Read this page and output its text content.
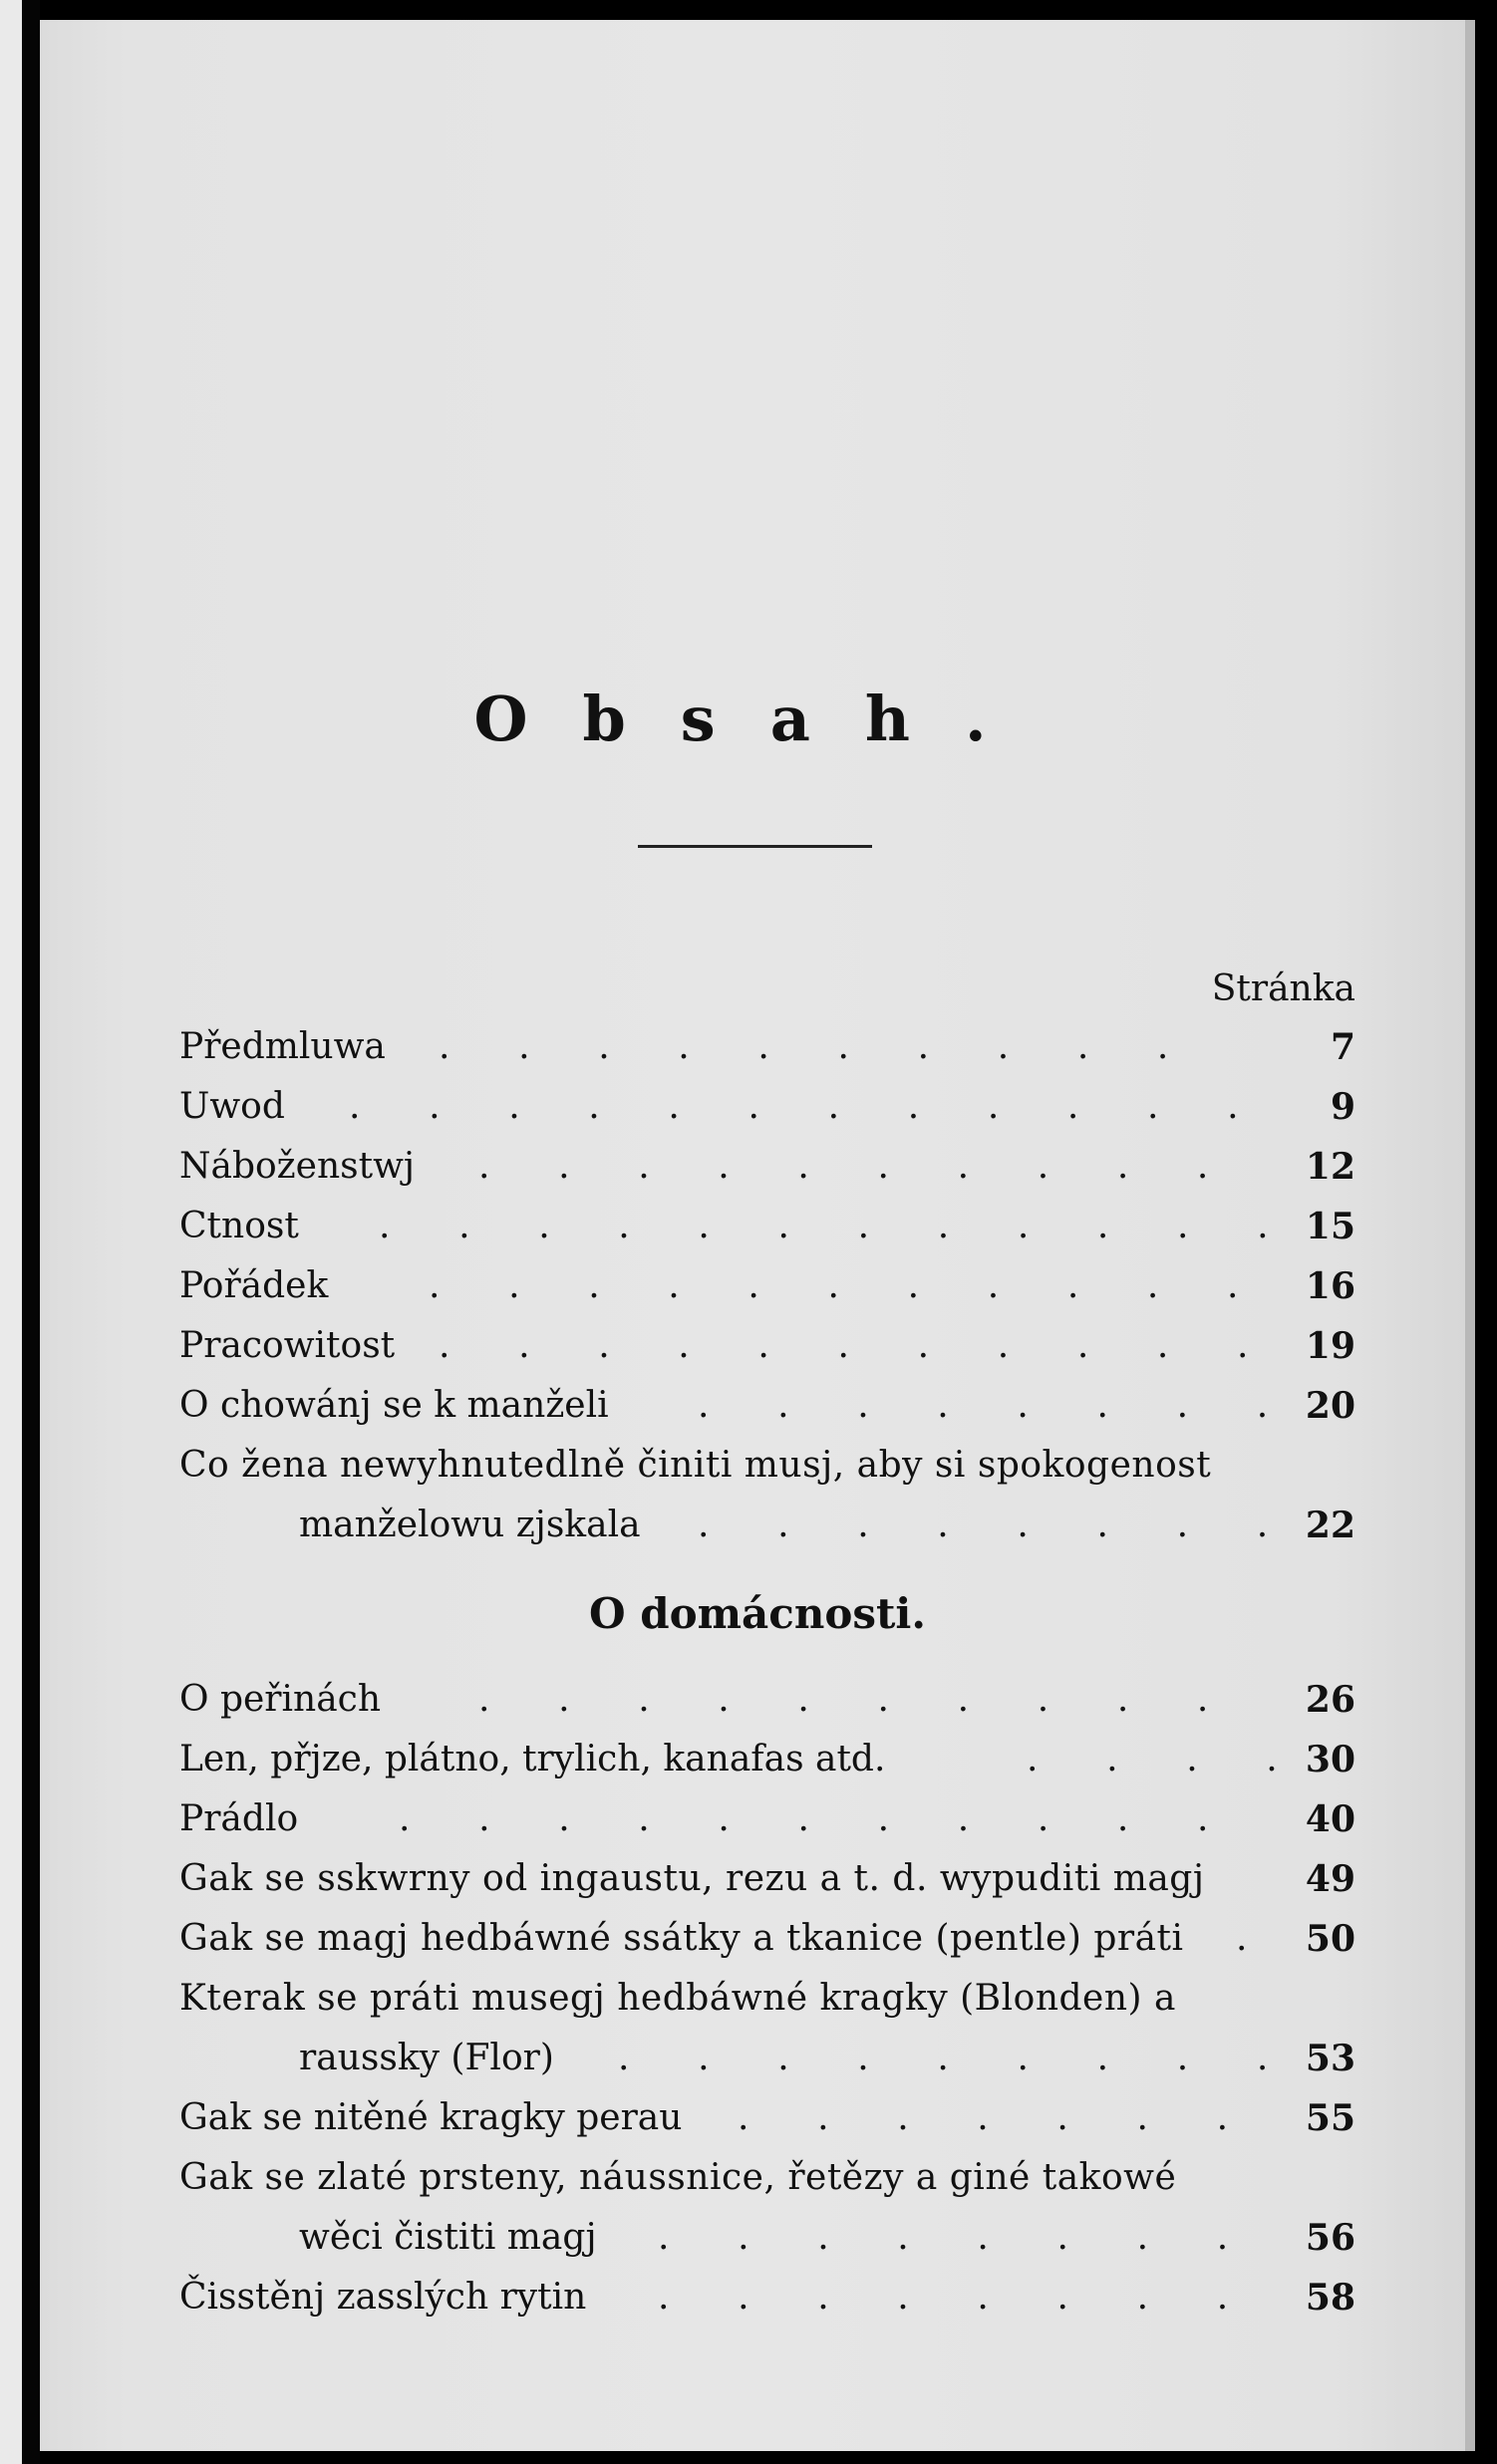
Obsah.
Stránka
Předmluwa .      .      .      .      .      .      .      .      .      .	7
Uwod .      .      .      .      .      .      .      .      .      .      .      .	9
Náboženstwj .      .      .      .      .      .      .      .      .      .	12
Ctnost .      .      .      .      .      .      .      .      .      .      .      .	15
Pořádek	.      .      .      .      .      .      .      .      .      .      .	16
Pracowitost .      .      .      .      .      .      .      .      .      .      .	19
O chowánj se k manželi .      .      .      .      .      .      .      .	20
Co žena newyhnutedlně činiti musj, aby si spokogenost
manželowu zjskala .      .      .      .      .      .      .      .	22
O domácnosti.
O peřinách	.      .      .      .      .      .      .      .      .      .	26
Len, přjze, plátno, trylich, kanafas atd.	.      .      .      . 30
Prádlo	.      .      .      .      .      .      .      .      .      .      .	40
Gak se sskwrny od ingaustu, rezu a t. d. wypuditi magj	49
Gak se magj hedbáwné ssátky a tkanice (pentle) práti .	50
Kterak se práti musegj hedbáwné kragky (Blonden) a
raussky (Flor) .      .      .      .      .      .      .      .      .	53
Gak se nitěné kragky perau .      .      .      .      .      .      .	55
Gak se zlaté prsteny, náussnice, řetězy a giné takowé
wěci čistiti magj .      .      .      .      .      .      .      .	56
Čisstěnj zasslých rytin .      .      .      .      .      .      .      .	58
